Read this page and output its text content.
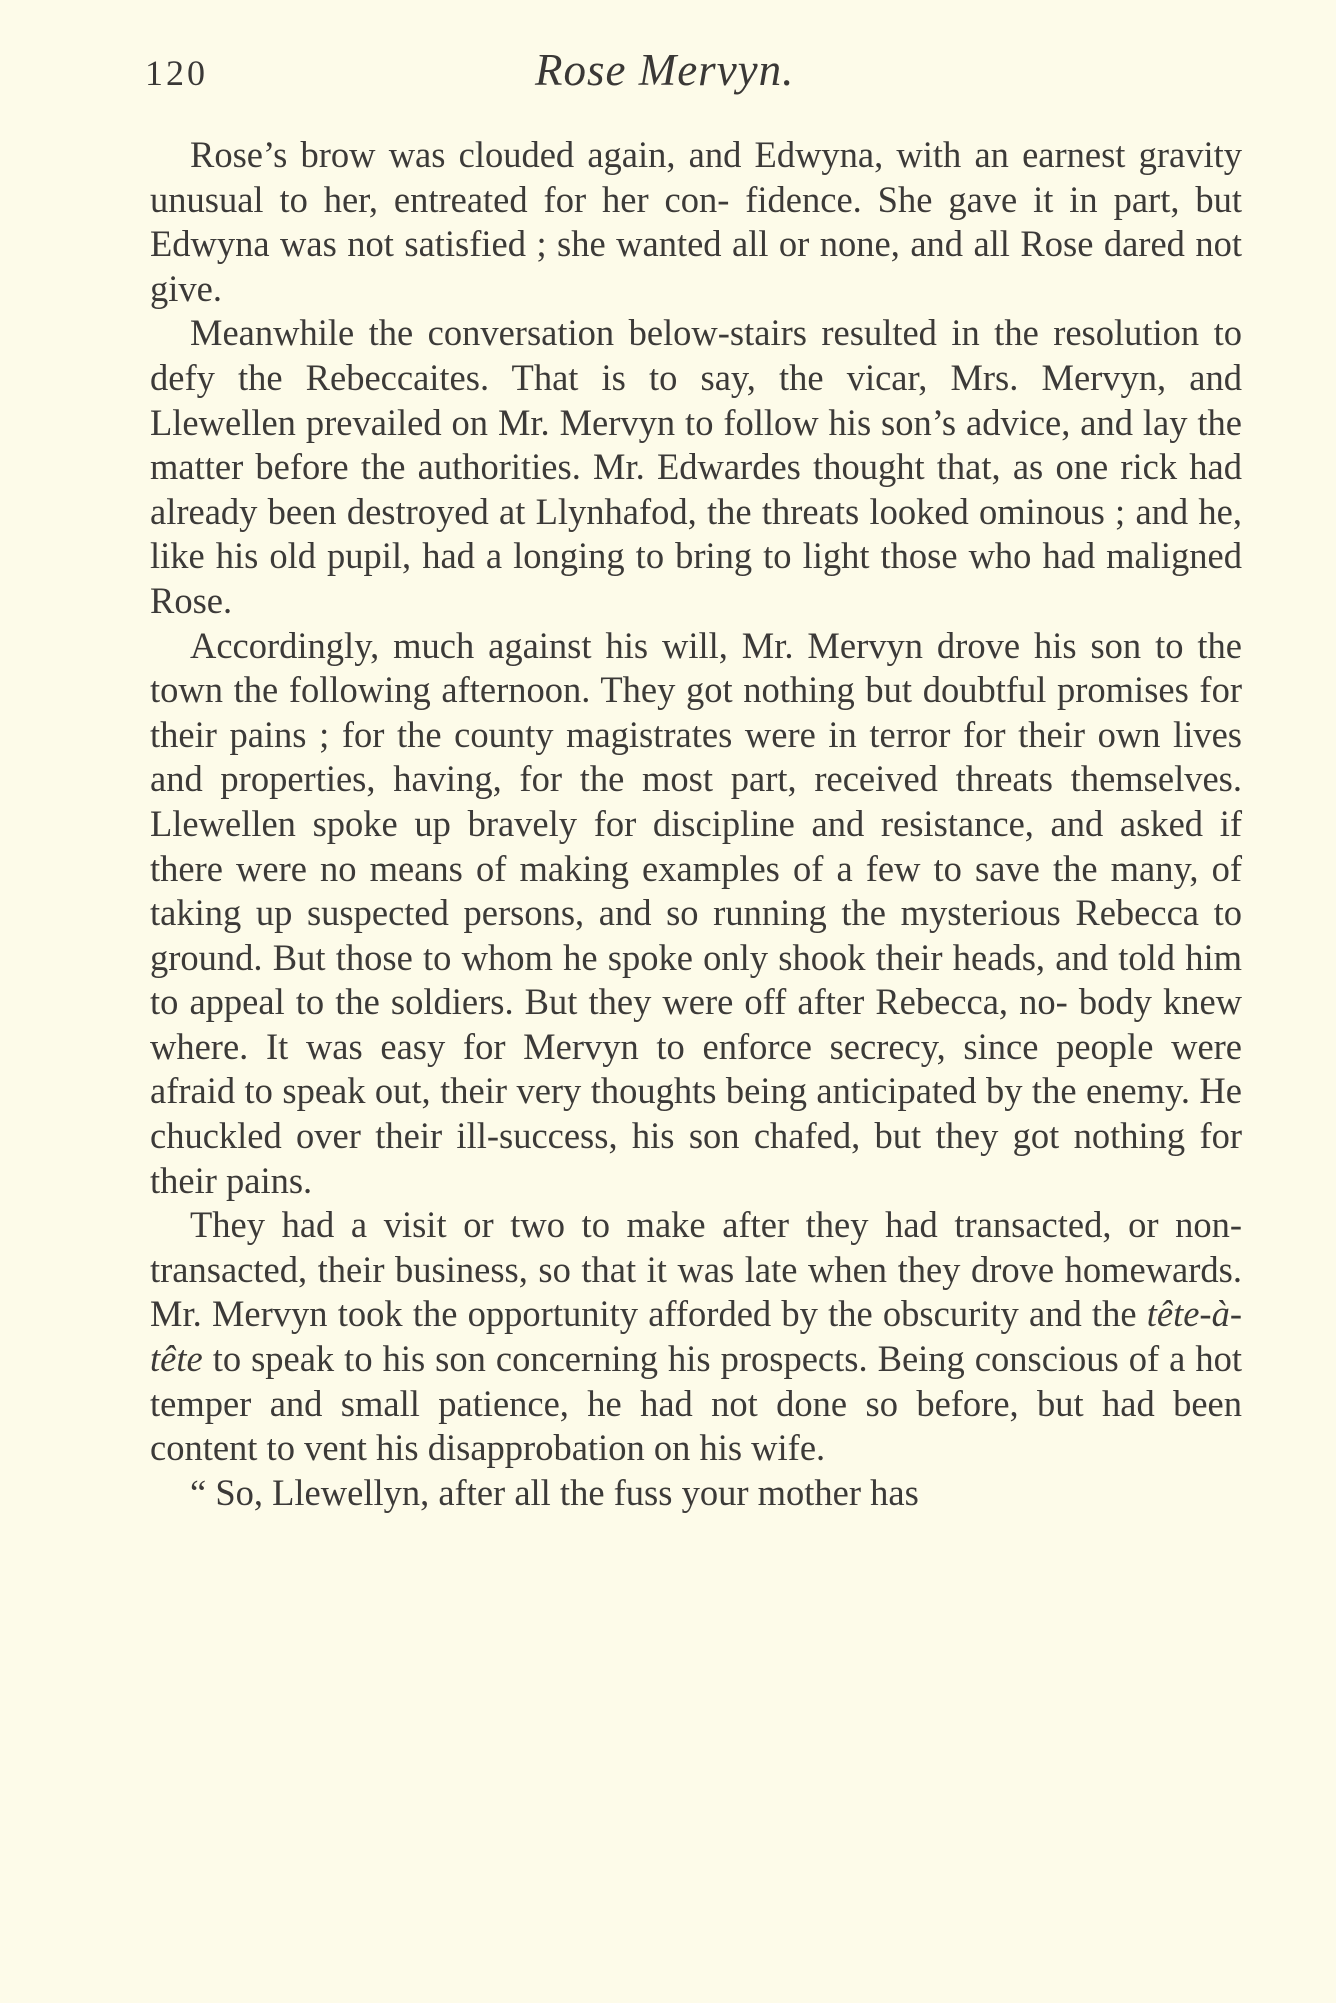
120	Rose Mervyn.

Rose’s brow was clouded again, and Edwyna, with an earnest gravity unusual to her, entreated for her con- fidence. She gave it in part, but Edwyna was not satisfied ; she wanted all or none, and all Rose dared not give.

Meanwhile the conversation below-stairs resulted in the resolution to defy the Rebeccaites. That is to say, the vicar, Mrs. Mervyn, and Llewellen prevailed on Mr. Mervyn to follow his son’s advice, and lay the matter before the authorities. Mr. Edwardes thought that, as one rick had already been destroyed at Llynhafod, the threats looked ominous ; and he, like his old pupil, had a longing to bring to light those who had maligned Rose.

Accordingly, much against his will, Mr. Mervyn drove his son to the town the following afternoon. They got nothing but doubtful promises for their pains ; for the county magistrates were in terror for their own lives and properties, having, for the most part, received threats themselves. Llewellen spoke up bravely for discipline and resistance, and asked if there were no means of making examples of a few to save the many, of taking up suspected persons, and so running the mysterious Rebecca to ground. But those to whom he spoke only shook their heads, and told him to appeal to the soldiers. But they were off after Rebecca, no- body knew where. It was easy for Mervyn to enforce secrecy, since people were afraid to speak out, their very thoughts being anticipated by the enemy. He chuckled over their ill-success, his son chafed, but they got nothing for their pains.

They had a visit or two to make after they had transacted, or non-transacted, their business, so that it was late when they drove homewards. Mr. Mervyn took the opportunity afforded by the obscurity and the tête-à-tête to speak to his son concerning his prospects. Being conscious of a hot temper and small patience, he had not done so before, but had been content to vent his disapprobation on his wife.

“ So, Llewellyn, after all the fuss your mother has
